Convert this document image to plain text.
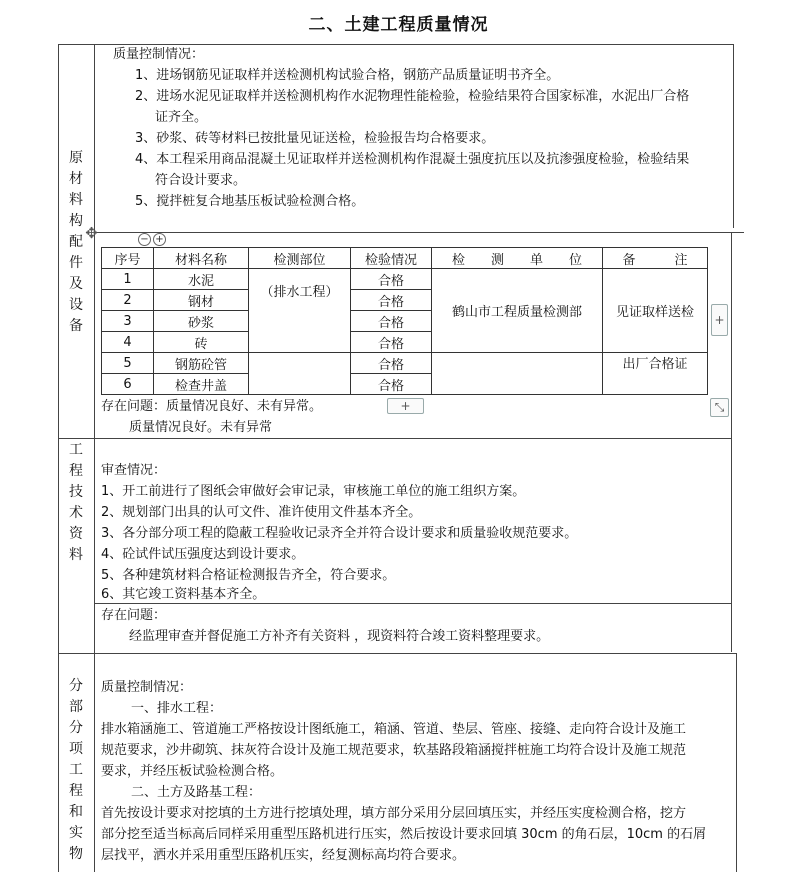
二、土建工程质量情况
原
材
料
构
配
件
及
设
备
质量控制情况：
1、进场钢筋见证取样并送检测机构试验合格，钢筋产品质量证明书齐全。
2、进场水泥见证取样并送检测机构作水泥物理性能检验，检验结果符合国家标准，水泥出厂合格
证齐全。
3、砂浆、砖等材料已按批量见证送检，检验报告均合格要求。
4、本工程采用商品混凝土见证取样并送检测机构作混凝土强度抗压以及抗渗强度检验，检验结果
符合设计要求。
5、搅拌桩复合地基压板试验检测合格。
✥	− +
序号	材料名称	检测部位	检验情况	检　　测　　单　　位	备　　　注
1	水泥	（排水工程）	合格	鹤山市工程质量检测部	见证取样送检
2	钢材		合格		
3	砂浆		合格		
4	砖		合格		
5	钢筋砼管		合格		出厂合格证
6	检查井盖		合格		
+
+	⤡
存在问题：质量情况良好、未有异常。
质量情况良好。未有异常
工
程
技
术
资
料
审查情况：
1、开工前进行了图纸会审做好会审记录，审核施工单位的施工组织方案。
2、规划部门出具的认可文件、准许使用文件基本齐全。
3、各分部分项工程的隐蔽工程验收记录齐全并符合设计要求和质量验收规范要求。
4、砼试件试压强度达到设计要求。
5、各种建筑材料合格证检测报告齐全，符合要求。
6、其它竣工资料基本齐全。
存在问题：
经监理审查并督促施工方补齐有关资料 ，现资料符合竣工资料整理要求。
分
部
分
项
工
程
和
实
物
质量控制情况：
一、排水工程：
排水箱涵施工、管道施工严格按设计图纸施工，箱涵、管道、垫层、管座、接缝、走向符合设计及施工
规范要求，沙井砌筑、抹灰符合设计及施工规范要求，软基路段箱涵搅拌桩施工均符合设计及施工规范
要求，并经压板试验检测合格。
二、土方及路基工程：
首先按设计要求对挖填的土方进行挖填处理，填方部分采用分层回填压实，并经压实度检测合格，挖方
部分挖至适当标高后同样采用重型压路机进行压实，然后按设计要求回填 30cm 的角石层，10cm 的石屑
层找平，洒水并采用重型压路机压实，经复测标高均符合要求。
